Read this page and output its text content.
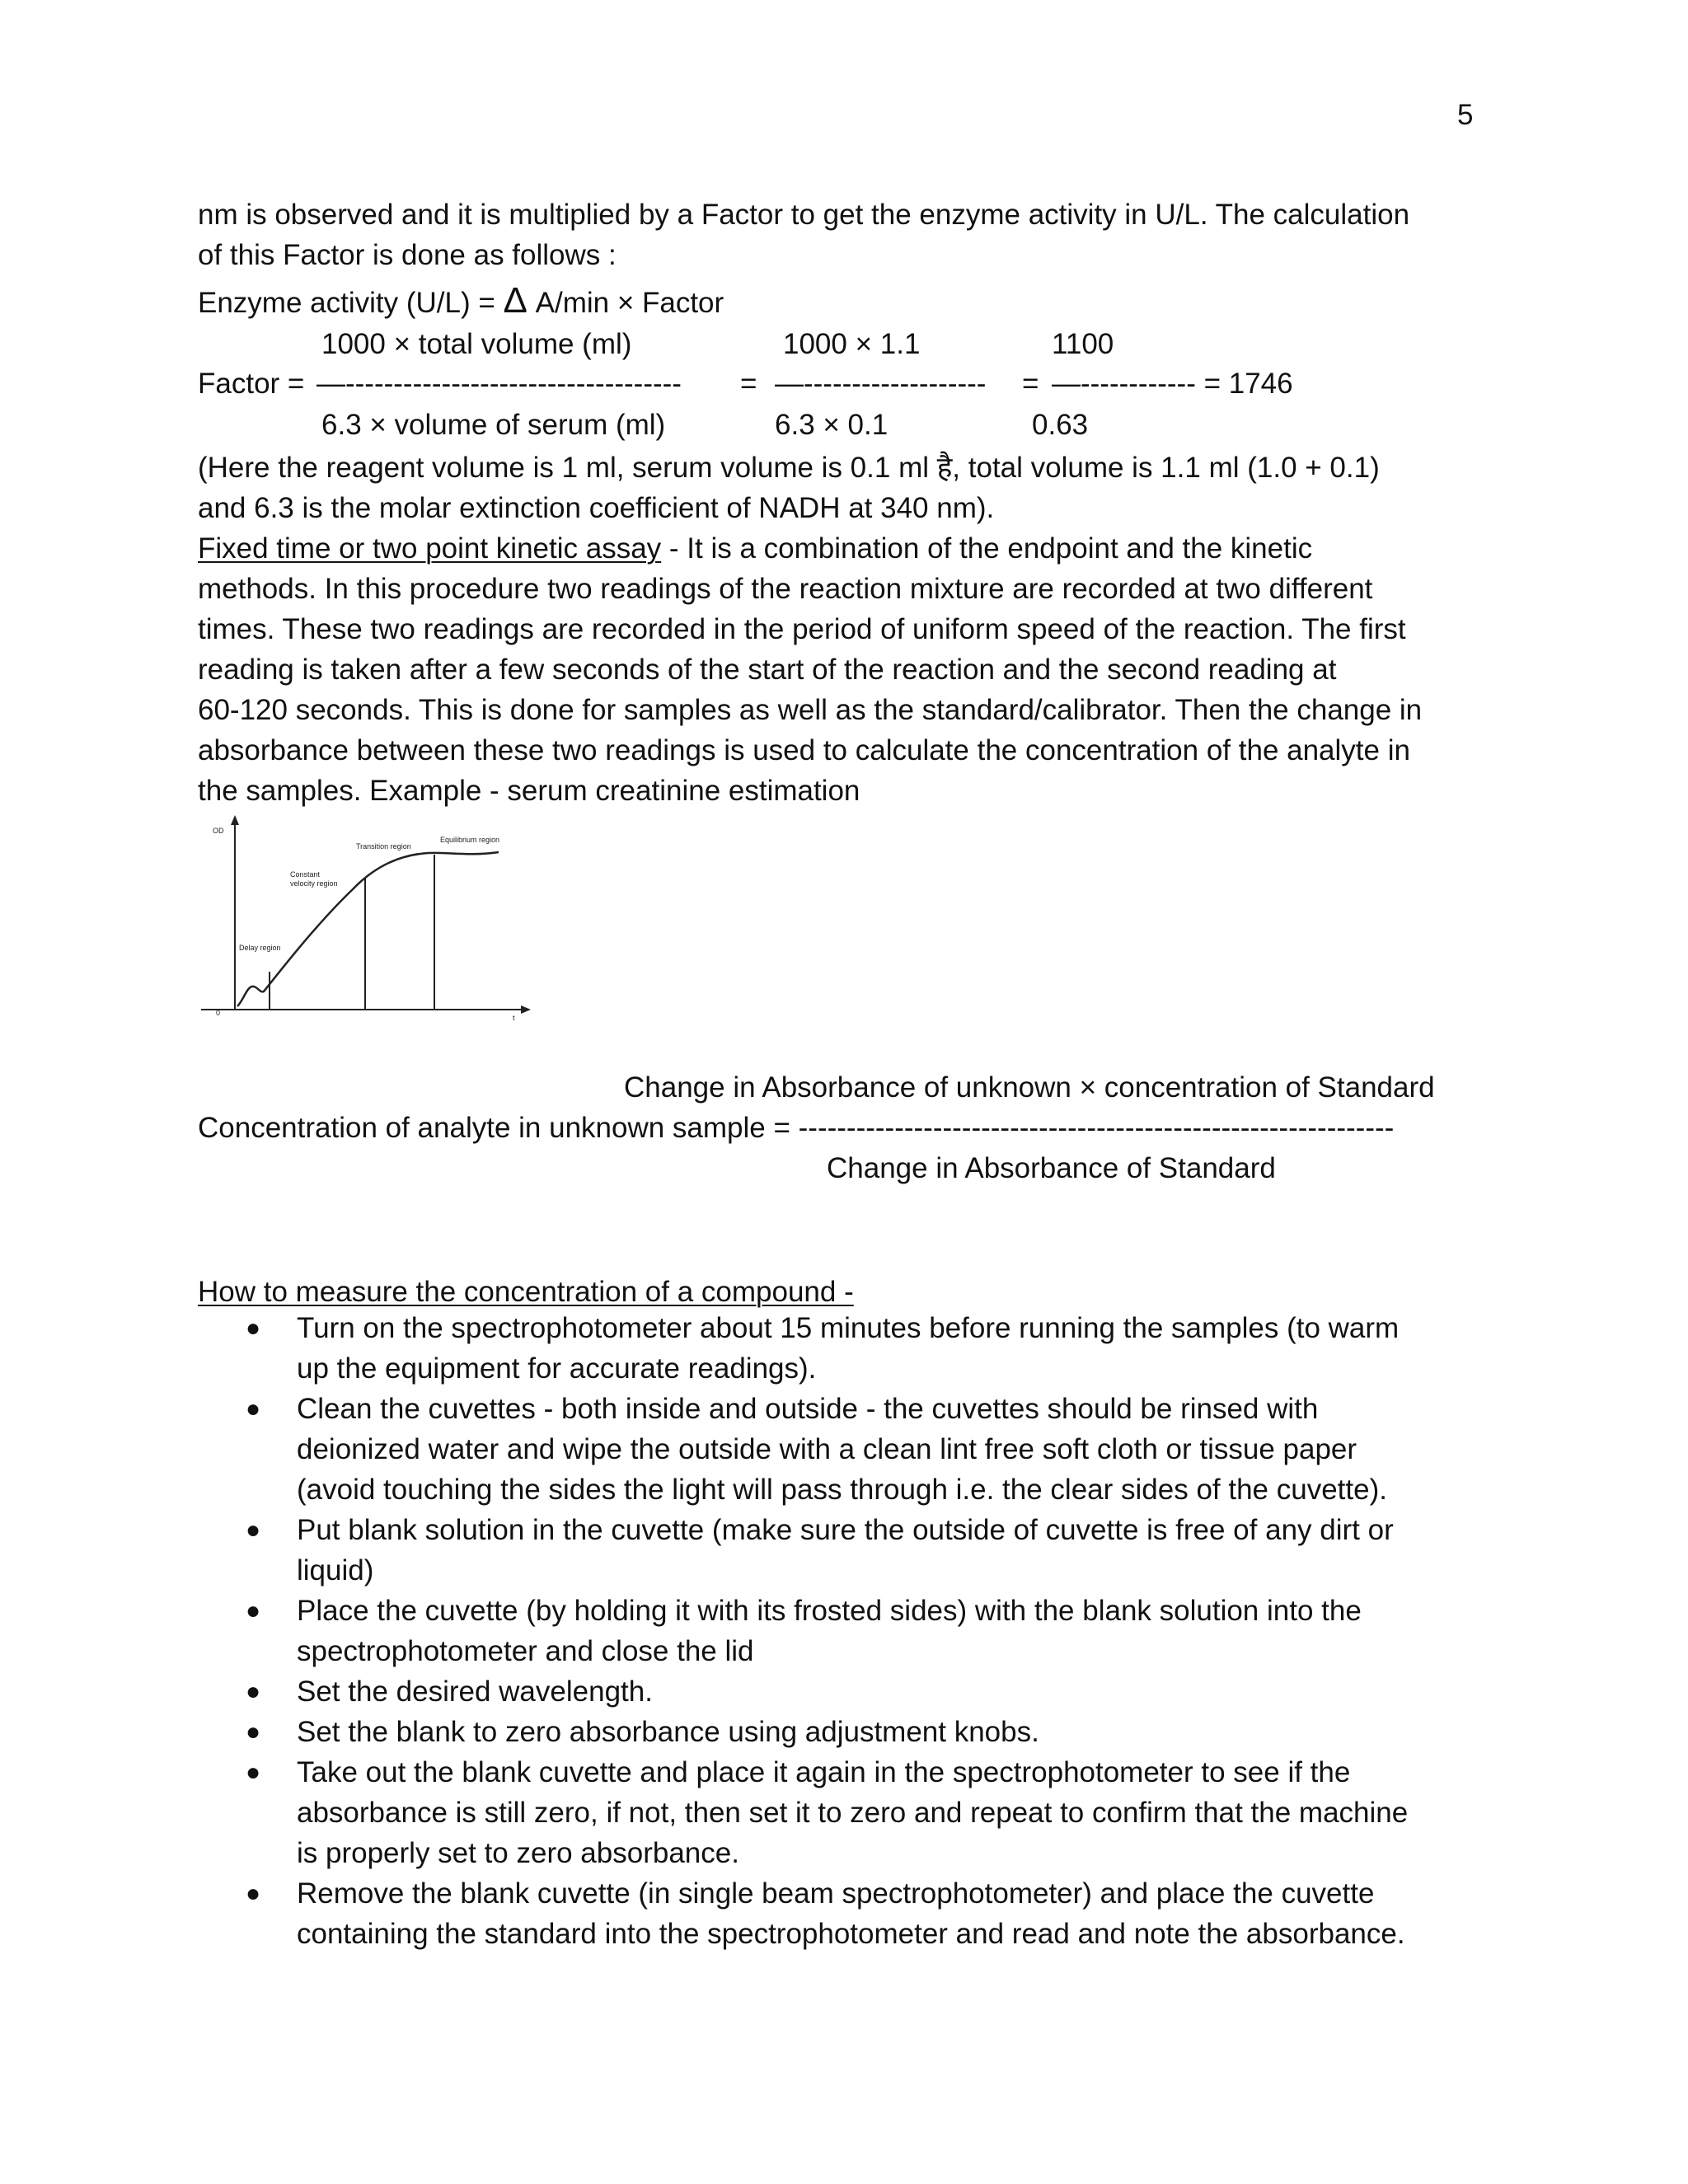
5
nm is observed and it is multiplied by a Factor to get the enzyme activity in U/L. The calculation
of this Factor is done as follows :
Enzyme activity (U/L) = Δ A/min × Factor
1000 × total volume (ml)	1000 × 1.1	1100
Factor = —----------------------------------- = —------------------- = —------------ = 1746
6.3 × volume of serum (ml)	6.3 × 0.1	0.63
(Here the reagent volume is 1 ml, serum volume is 0.1 ml है, total volume is 1.1 ml (1.0 + 0.1)
and 6.3 is the molar extinction coefficient of NADH at 340 nm).
Fixed time or two point kinetic assay - It is a combination of the endpoint and the kinetic
methods. In this procedure two readings of the reaction mixture are recorded at two different
times. These two readings are recorded in the period of uniform speed of the reaction. The first
reading is taken after a few seconds of the start of the reaction and the second reading at
60-120 seconds. This is done for samples as well as the standard/calibrator. Then the change in
absorbance between these two readings is used to calculate the concentration of the analyte in
the samples. Example - serum creatinine estimation
OD
0
t
Delay region
Constant
velocity region
Transition region
Equilibrium region
Change in Absorbance of unknown × concentration of Standard
Concentration of analyte in unknown sample = --------------------------------------------------------------
Change in Absorbance of Standard
How to measure the concentration of a compound -
● Turn on the spectrophotometer about 15 minutes before running the samples (to warm
up the equipment for accurate readings).
● Clean the cuvettes - both inside and outside - the cuvettes should be rinsed with
deionized water and wipe the outside with a clean lint free soft cloth or tissue paper
(avoid touching the sides the light will pass through i.e. the clear sides of the cuvette).
● Put blank solution in the cuvette (make sure the outside of cuvette is free of any dirt or
liquid)
● Place the cuvette (by holding it with its frosted sides) with the blank solution into the
spectrophotometer and close the lid
● Set the desired wavelength.
● Set the blank to zero absorbance using adjustment knobs.
● Take out the blank cuvette and place it again in the spectrophotometer to see if the
absorbance is still zero, if not, then set it to zero and repeat to confirm that the machine
is properly set to zero absorbance.
● Remove the blank cuvette (in single beam spectrophotometer) and place the cuvette
containing the standard into the spectrophotometer and read and note the absorbance.
